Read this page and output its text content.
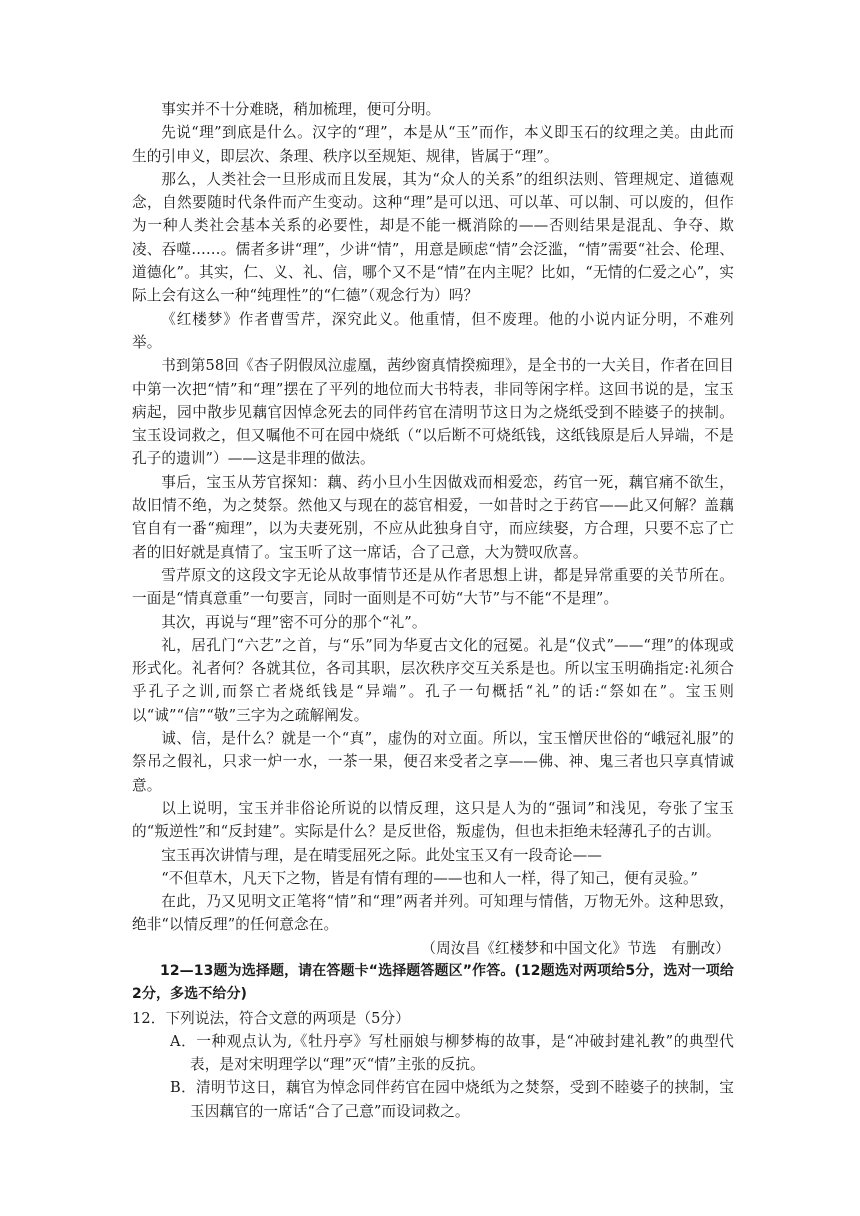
事实并不十分难晓，稍加梳理，便可分明。

先说“理”到底是什么。汉字的“理”，本是从“玉”而作，本义即玉石的纹理之美。由此而生的引申义，即层次、条理、秩序以至规矩、规律，皆属于“理”。

那么，人类社会一旦形成而且发展，其为“众人的关系”的组织法则、管理规定、道德观念，自然要随时代条件而产生变动。这种“理”是可以迅、可以革、可以制、可以废的，但作为一种人类社会基本关系的必要性，却是不能一概消除的——否则结果是混乱、争夺、欺凌、吞噬……。儒者多讲“理”，少讲“情”，用意是顾虑“情”会泛滥，“情”需要“社会、伦理、道德化”。其实，仁、义、礼、信，哪个又不是“情”在内主呢？比如，“无情的仁爱之心”，实际上会有这么一种“纯理性”的“仁德”（观念行为）吗？

《红楼梦》作者曹雪芹，深究此义。他重情，但不废理。他的小说内证分明，不难列举。

书到第58回《杏子阴假凤泣虚凰，茜纱窗真情揆痴理》，是全书的一大关目，作者在回目中第一次把“情”和“理”摆在了平列的地位而大书特表，非同等闲字样。这回书说的是，宝玉病起，园中散步见藕官因悼念死去的同伴药官在清明节这日为之烧纸受到不睦婆子的挟制。宝玉设词救之，但又嘱他不可在园中烧纸（“以后断不可烧纸钱，这纸钱原是后人异端，不是孔子的遗训”）——这是非理的做法。

事后，宝玉从芳官探知：藕、药小旦小生因做戏而相爱恋，药官一死，藕官痛不欲生，故旧情不绝，为之焚祭。然他又与现在的蕊官相爱，一如昔时之于药官——此又何解？盖藕官自有一番“痴理”，以为夫妻死别，不应从此独身自守，而应续娶，方合理，只要不忘了亡者的旧好就是真情了。宝玉听了这一席话，合了己意，大为赞叹欣喜。

雪芹原文的这段文字无论从故事情节还是从作者思想上讲，都是异常重要的关节所在。一面是“情真意重”一句要言，同时一面则是不可妨“大节”与不能“不是理”。

其次，再说与“理”密不可分的那个“礼”。

礼，居孔门“六艺”之首，与“乐”同为华夏古文化的冠冕。礼是“仪式”——“理”的体现或形式化。礼者何？各就其位，各司其职，层次秩序交互关系是也。所以宝玉明确指定:礼须合乎孔子之训,而祭亡者烧纸钱是“异端”。孔子一句概括“礼”的话:“祭如在”。宝玉则以“诚”“信”“敬”三字为之疏解阐发。

诚、信，是什么？就是一个“真”，虚伪的对立面。所以，宝玉憎厌世俗的“峨冠礼服”的祭吊之假礼，只求一炉一水，一茶一果，便召来受者之享——佛、神、鬼三者也只享真情诚意。

以上说明，宝玉并非俗论所说的以情反理，这只是人为的“强词”和浅见，夸张了宝玉的“叛逆性”和“反封建”。实际是什么？是反世俗，叛虚伪，但也未拒绝未轻薄孔子的古训。

宝玉再次讲情与理，是在晴雯屈死之际。此处宝玉又有一段奇论——

“不但草木，凡天下之物，皆是有情有理的——也和人一样，得了知己，便有灵验。”

在此，乃又见明文正笔将“情”和“理”两者并列。可知理与情偕，万物无外。这种思致，绝非“以情反理”的任何意念在。

（周汝昌《红楼梦和中国文化》节选　有删改）

12—13题为选择题，请在答题卡“选择题答题区”作答。(12题选对两项给5分，选对一项给2分，多选不给分)

12．下列说法，符合文意的两项是（5分）

A．一种观点认为,《牡丹亭》写杜丽娘与柳梦梅的故事，是“冲破封建礼教”的典型代表，是对宋明理学以“理”灭“情”主张的反抗。

B．清明节这日，藕官为悼念同伴药官在园中烧纸为之焚祭，受到不睦婆子的挟制，宝玉因藕官的一席话“合了己意”而设词救之。
